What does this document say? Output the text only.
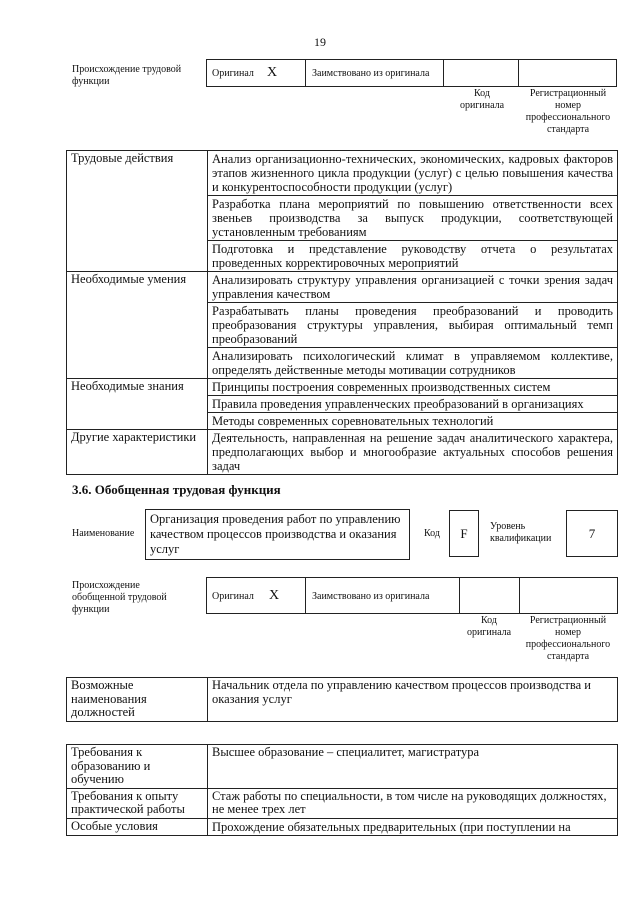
19
Происхождение трудовой функции
Оригинал X	Заимствовано из оригинала
Код оригинала
Регистрационный номер профессионального стандарта
Трудовые действия	Анализ организационно-технических, экономических, кадровых факторов этапов жизненного цикла продукции (услуг) с целью повышения качества и конкурентоспособности продукции (услуг)
	Разработка плана мероприятий по повышению ответственности всех звеньев производства за выпуск продукции, соответствующей установленным требованиям
	Подготовка и представление руководству отчета о результатах проведенных корректировочных мероприятий
Необходимые умения	Анализировать структуру управления организацией с точки зрения задач управления качеством
	Разрабатывать планы проведения преобразований и проводить преобразования структуры управления, выбирая оптимальный темп преобразований
	Анализировать психологический климат в управляемом коллективе, определять действенные методы мотивации сотрудников
Необходимые знания	Принципы построения современных производственных систем
	Правила проведения управленческих преобразований в организациях
	Методы современных соревновательных технологий
Другие характеристики	Деятельность, направленная на решение задач аналитического характера, предполагающих выбор и многообразие актуальных способов решения задач
3.6. Обобщенная трудовая функция
Наименование
Организация проведения работ по управлению качеством процессов производства и оказания услуг
Код	F	Уровень квалификации	7
Происхождение обобщенной трудовой функции
Оригинал X	Заимствовано из оригинала
Код оригинала
Регистрационный номер профессионального стандарта
Возможные наименования должностей	Начальник отдела по управлению качеством процессов производства и оказания услуг
Требования к образованию и обучению	Высшее образование – специалитет, магистратура
Требования к опыту практической работы	Стаж работы по специальности, в том числе на руководящих должностях, не менее трех лет
Особые условия	Прохождение обязательных предварительных (при поступлении на
